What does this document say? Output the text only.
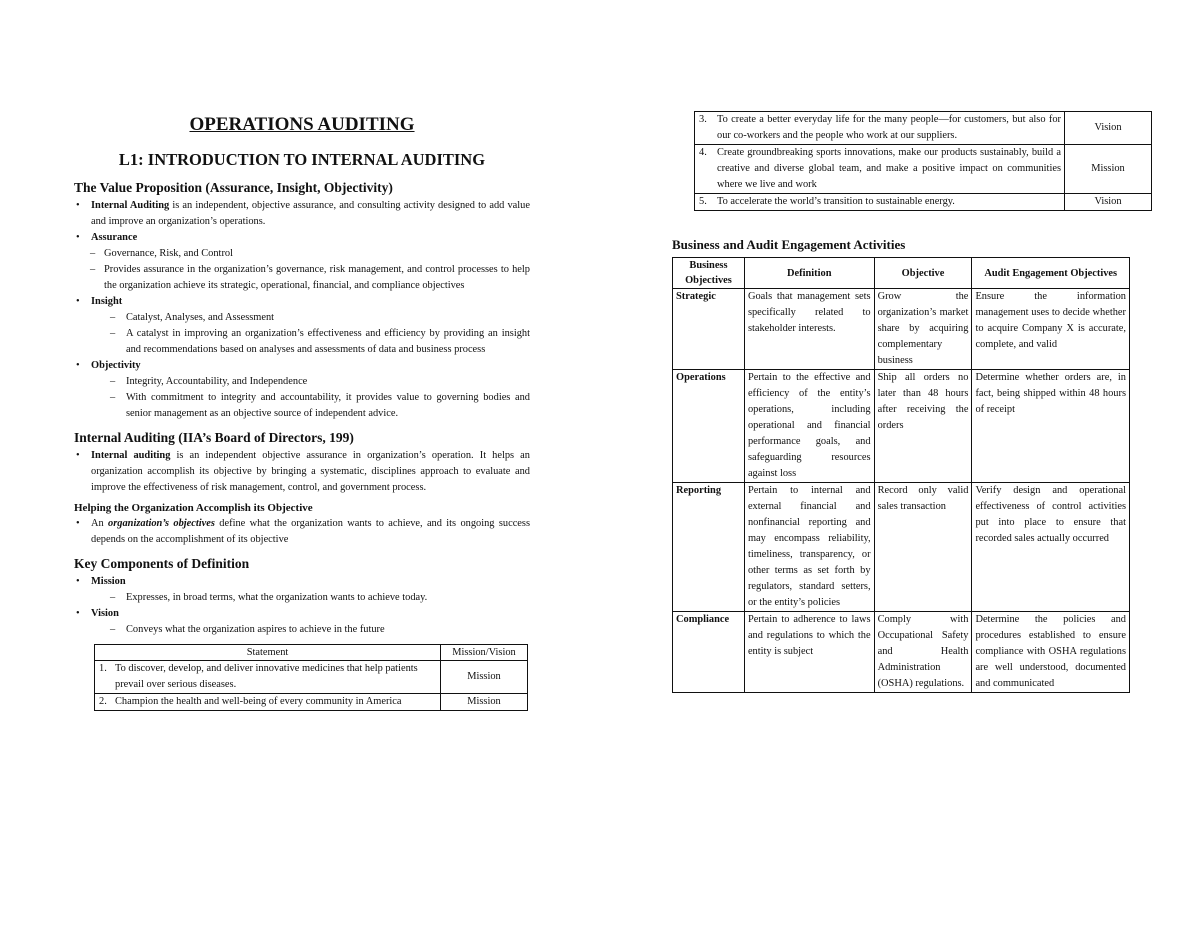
OPERATIONS AUDITING
L1: INTRODUCTION TO INTERNAL AUDITING
The Value Proposition (Assurance, Insight, Objectivity)
• Internal Auditing is an independent, objective assurance, and consulting activity designed to add value and improve an organization’s operations.
• Assurance
– Governance, Risk, and Control
– Provides assurance in the organization’s governance, risk management, and control processes to help the organization achieve its strategic, operational, financial, and compliance objectives
• Insight
– Catalyst, Analyses, and Assessment
– A catalyst in improving an organization’s effectiveness and efficiency by providing an insight and recommendations based on analyses and assessments of data and business process
• Objectivity
– Integrity, Accountability, and Independence
– With commitment to integrity and accountability, it provides value to governing bodies and senior management as an objective source of independent advice.
Internal Auditing (IIA’s Board of Directors, 199)
• Internal auditing is an independent objective assurance in organization’s operation. It helps an organization accomplish its objective by bringing a systematic, disciplines approach to evaluate and improve the effectiveness of risk management, control, and government process.
Helping the Organization Accomplish its Objective
• An organization’s objectives define what the organization wants to achieve, and its ongoing success depends on the accomplishment of its objective
Key Components of Definition
• Mission
– Expresses, in broad terms, what the organization wants to achieve today.
• Vision
– Conveys what the organization aspires to achieve in the future
Statement	Mission/Vision

1. To discover, develop, and deliver innovative medicines that help patients prevail over serious diseases.	Mission

2. Champion the health and well-being of every community in America	Mission
3. To create a better everyday life for the many people—for customers, but also for our co-workers and the people who work at our suppliers.	Vision

4. Create groundbreaking sports innovations, make our products sustainably, build a creative and diverse global team, and make a positive impact on communities where we live and work	Mission

5. To accelerate the world’s transition to sustainable energy.	Vision
Business and Audit Engagement Activities
Business Objectives	Definition	Objective	Audit Engagement Objectives
Strategic	Goals that management sets specifically related to stakeholder interests.	Grow the organization’s market share by acquiring complementary business	Ensure the information management uses to decide whether to acquire Company X is accurate, complete, and valid
Operations	Pertain to the effective and efficiency of the entity’s operations, including operational and financial performance goals, and safeguarding resources against loss	Ship all orders no later than 48 hours after receiving the orders	Determine whether orders are, in fact, being shipped within 48 hours of receipt
Reporting	Pertain to internal and external financial and nonfinancial reporting and may encompass reliability, timeliness, transparency, or other terms as set forth by regulators, standard setters, or the entity’s policies	Record only valid sales transaction	Verify design and operational effectiveness of control activities put into place to ensure that recorded sales actually occurred
Compliance	Pertain to adherence to laws and regulations to which the entity is subject	Comply with Occupational Safety and Health Administration (OSHA) regulations.	Determine the policies and procedures established to ensure compliance with OSHA regulations are well understood, documented and communicated
